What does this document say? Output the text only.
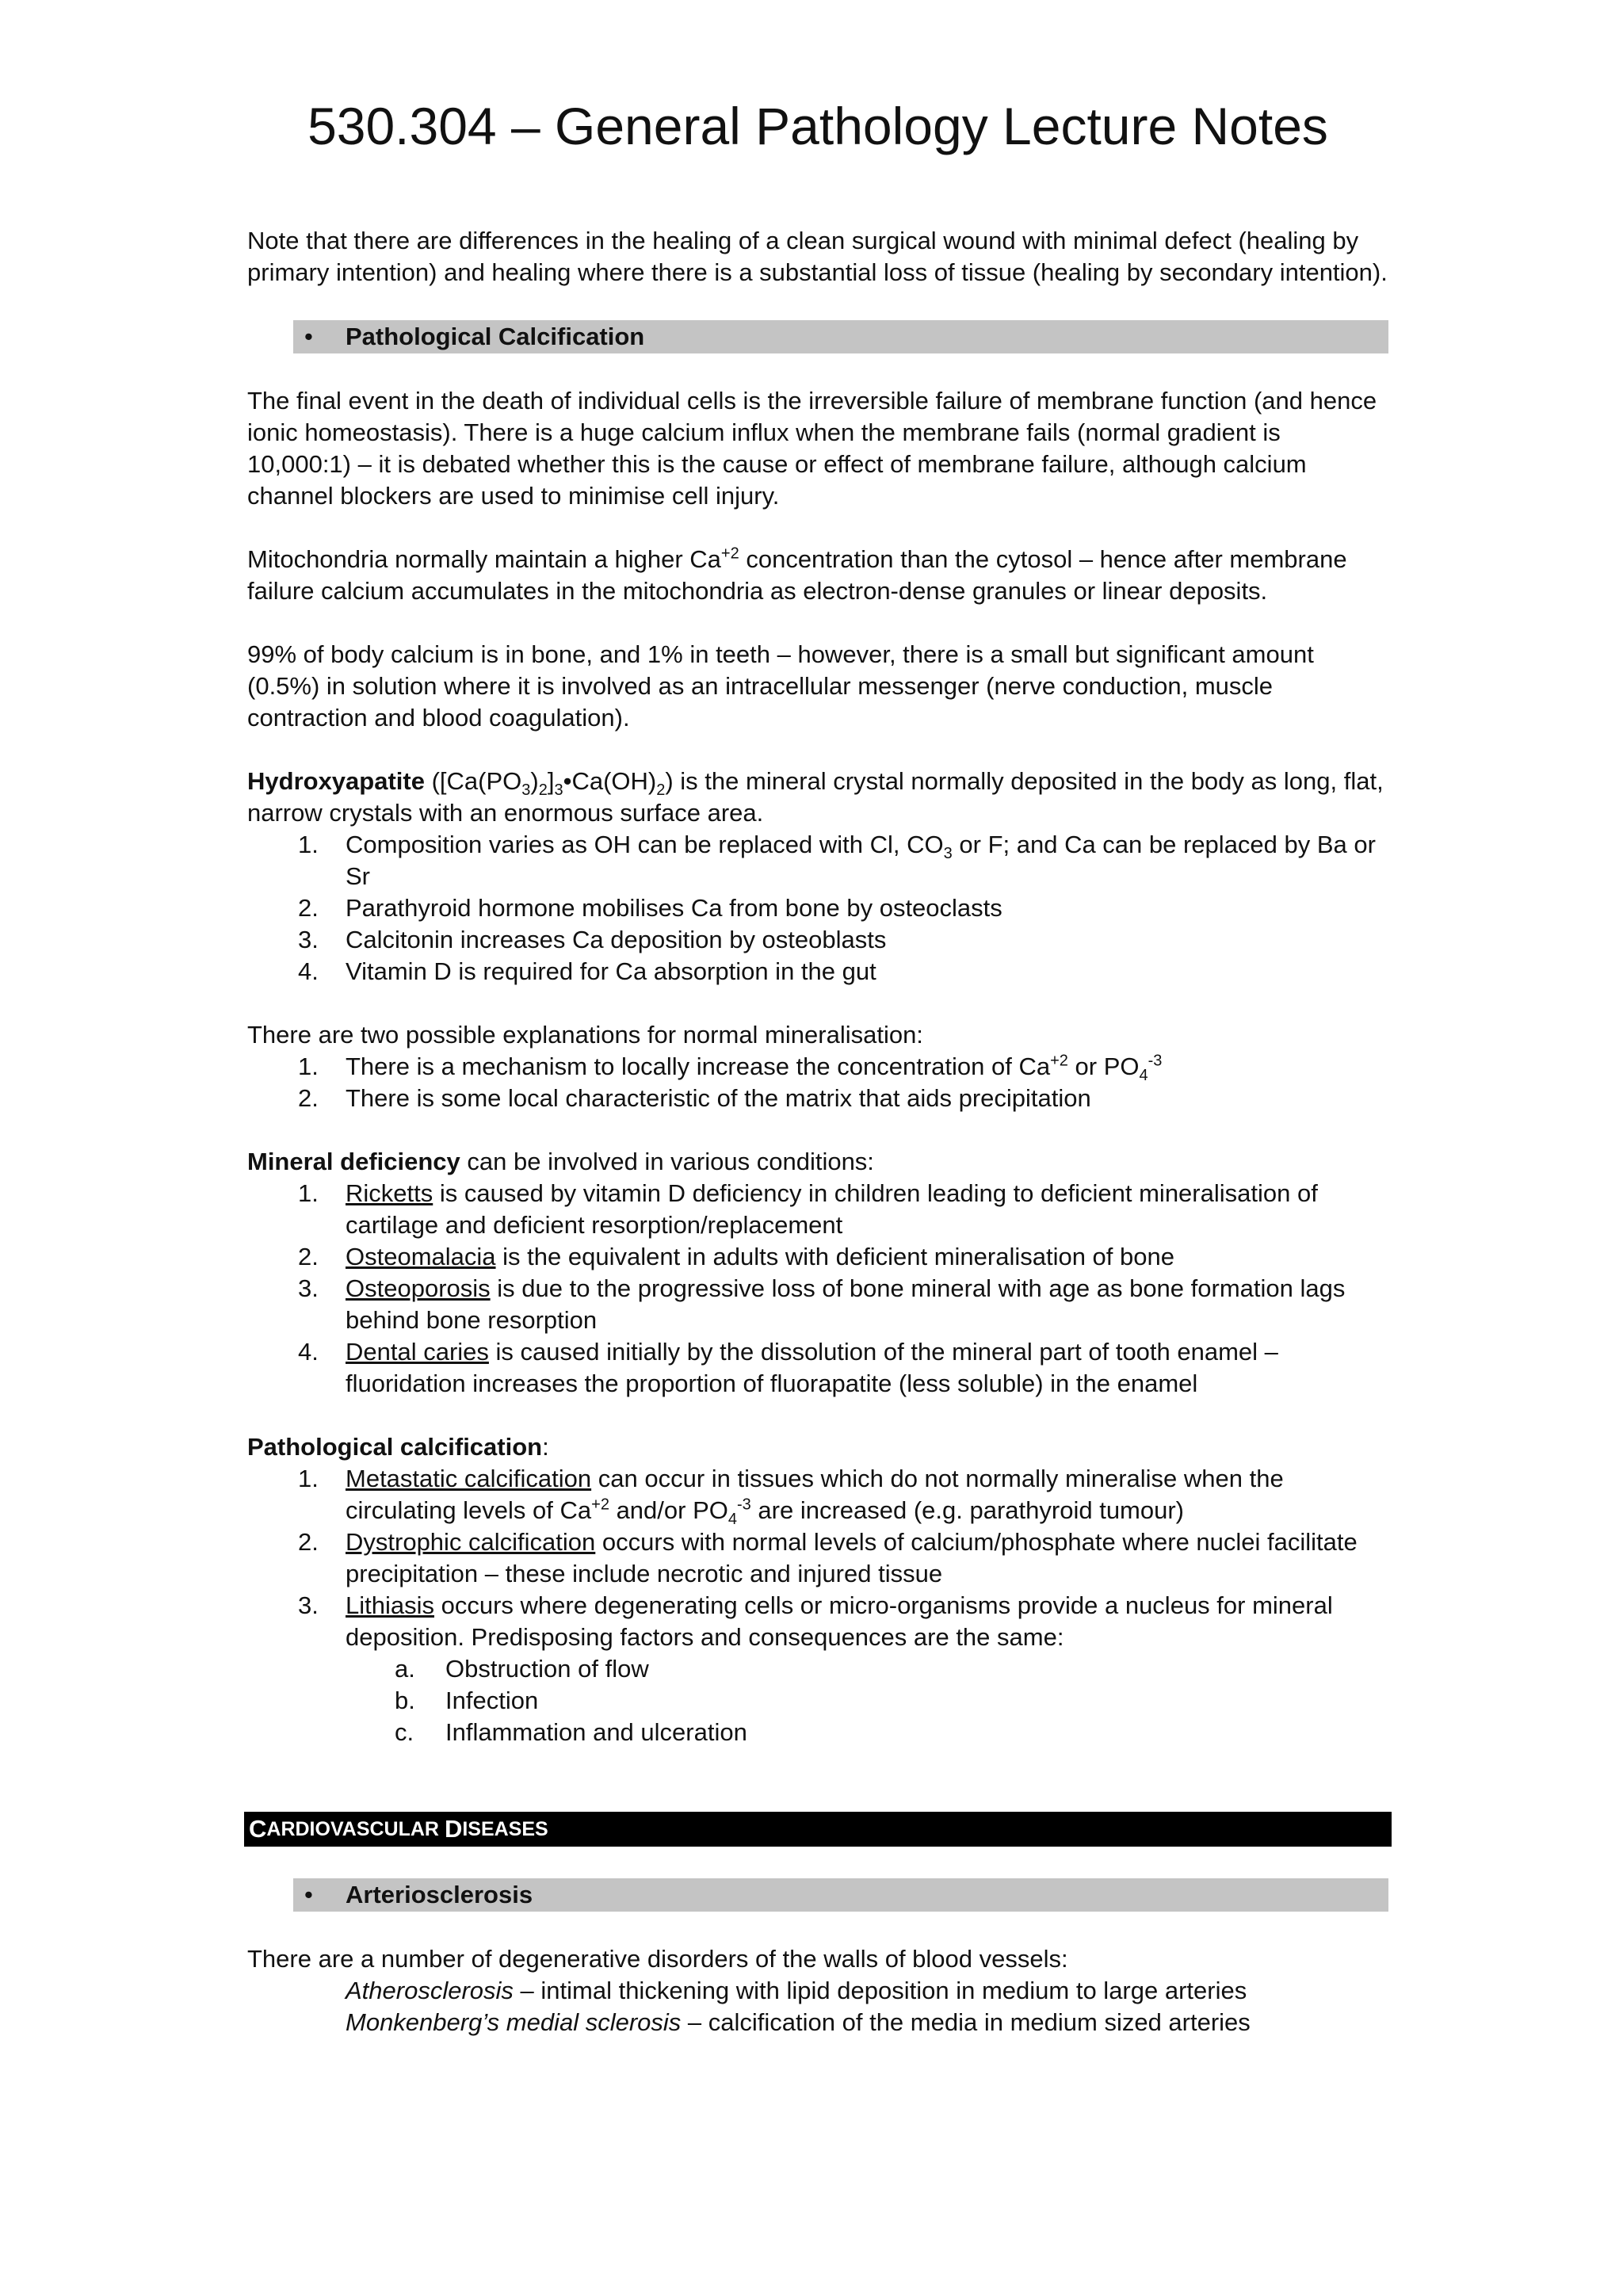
530.304 – General Pathology Lecture Notes

Note that there are differences in the healing of a clean surgical wound with minimal defect (healing by primary intention) and healing where there is a substantial loss of tissue (healing by secondary intention).

•	Pathological Calcification

The final event in the death of individual cells is the irreversible failure of membrane function (and hence ionic homeostasis). There is a huge calcium influx when the membrane fails (normal gradient is 10,000:1) – it is debated whether this is the cause or effect of membrane failure, although calcium channel blockers are used to minimise cell injury.

Mitochondria normally maintain a higher $Ca^{+2}$ concentration than the cytosol – hence after membrane failure calcium accumulates in the mitochondria as electron-dense granules or linear deposits.

99% of body calcium is in bone, and 1% in teeth – however, there is a small but significant amount (0.5%) in solution where it is involved as an intracellular messenger (nerve conduction, muscle contraction and blood coagulation).

Hydroxyapatite $([Ca(PO_3)_2]_3•Ca(OH)_2)$ is the mineral crystal normally deposited in the body as long, flat, narrow crystals with an enormous surface area.
1. Composition varies as OH can be replaced with Cl, $CO_3$ or F; and Ca can be replaced by Ba or Sr
2. Parathyroid hormone mobilises Ca from bone by osteoclasts
3. Calcitonin increases Ca deposition by osteoblasts
4. Vitamin D is required for Ca absorption in the gut
There are two possible explanations for normal mineralisation:
1. There is a mechanism to locally increase the concentration of $Ca^{+2}$ or $PO_4^{-3}$
2. There is some local characteristic of the matrix that aids precipitation
Mineral deficiency can be involved in various conditions:
1. Ricketts is caused by vitamin D deficiency in children leading to deficient mineralisation of cartilage and deficient resorption/replacement
2. Osteomalacia is the equivalent in adults with deficient mineralisation of bone
3. Osteoporosis is due to the progressive loss of bone mineral with age as bone formation lags behind bone resorption
4. Dental caries is caused initially by the dissolution of the mineral part of tooth enamel – fluoridation increases the proportion of fluorapatite (less soluble) in the enamel
Pathological calcification:
1. Metastatic calcification can occur in tissues which do not normally mineralise when the circulating levels of $Ca^{+2}$ and/or $PO_4^{-3}$ are increased (e.g. parathyroid tumour)
2. Dystrophic calcification occurs with normal levels of calcium/phosphate where nuclei facilitate precipitation – these include necrotic and injured tissue
3. Lithiasis occurs where degenerating cells or micro-organisms provide a nucleus for mineral deposition. Predisposing factors and consequences are the same:
a. Obstruction of flow
b. Infection
c. Inflammation and ulceration
C ARDIOVASCULAR D ISEASES
•	Arteriosclerosis
There are a number of degenerative disorders of the walls of blood vessels:
Atherosclerosis – intimal thickening with lipid deposition in medium to large arteries
Monkenberg’s medial sclerosis – calcification of the media in medium sized arteries
